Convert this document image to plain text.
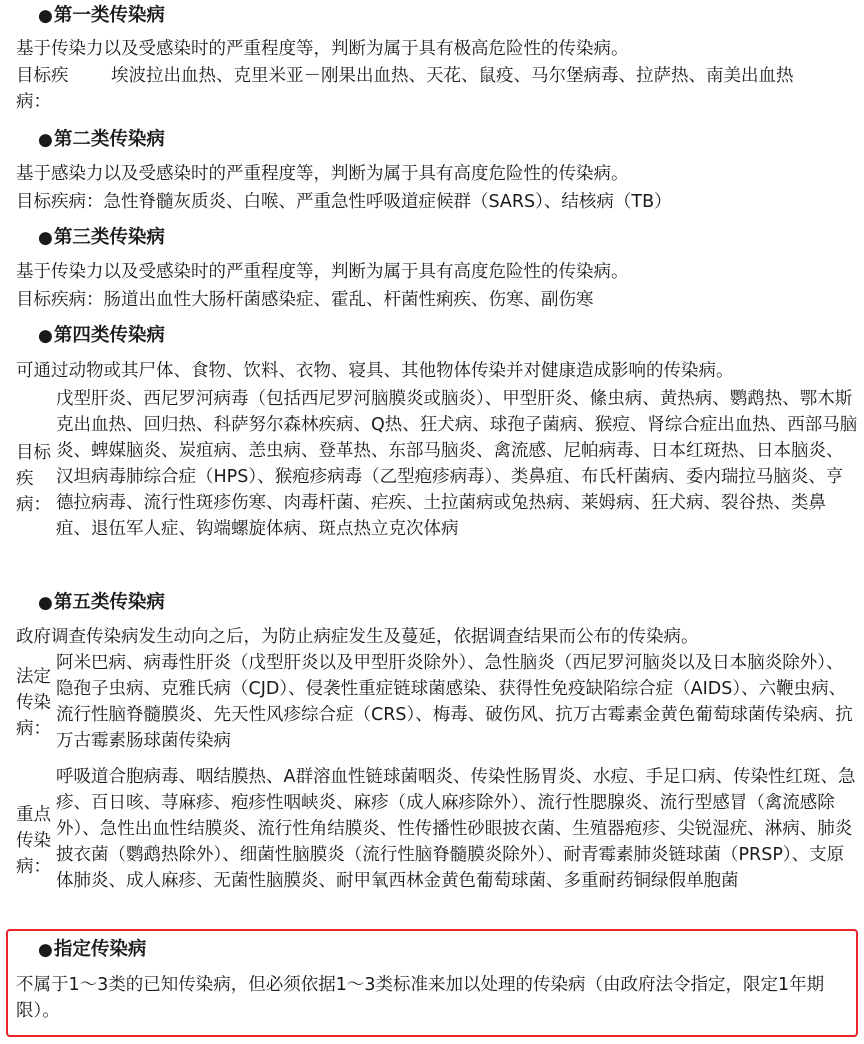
●第一类传染病
基于传染力以及受感染时的严重程度等，判断为属于具有极高危险性的传染病。
目标疾
病：
埃波拉出血热、克里米亚－刚果出血热、天花、鼠疫、马尔堡病毒、拉萨热、南美出血热
●第二类传染病
基于感染力以及受感染时的严重程度等，判断为属于具有高度危险性的传染病。
目标疾病：急性脊髓灰质炎、白喉、严重急性呼吸道症候群（SARS）、结核病（TB）
●第三类传染病
基于传染力以及受感染时的严重程度等，判断为属于具有高度危险性的传染病。
目标疾病：肠道出血性大肠杆菌感染症、霍乱、杆菌性痢疾、伤寒、副伤寒
●第四类传染病
可通过动物或其尸体、食物、饮料、衣物、寝具、其他物体传染并对健康造成影响的传染病。
目标
疾
病：
戊型肝炎、西尼罗河病毒（包括西尼罗河脑膜炎或脑炎）、甲型肝炎、絛虫病、黄热病、鹦鹉热、鄂木斯克出血热、回归热、科萨努尔森林疾病、Q热、狂犬病、球孢子菌病、猴痘、肾综合症出血热、西部马脑炎、蜱媒脑炎、炭疽病、恙虫病、登革热、东部马脑炎、禽流感、尼帕病毒、日本红斑热、日本脑炎、汉坦病毒肺综合症（HPS）、猴疱疹病毒（乙型疱疹病毒）、类鼻疽、布氏杆菌病、委内瑞拉马脑炎、亨德拉病毒、流行性斑疹伤寒、肉毒杆菌、疟疾、土拉菌病或兔热病、莱姆病、狂犬病、裂谷热、类鼻疽、退伍军人症、钩端螺旋体病、斑点热立克次体病
●第五类传染病
政府调查传染病发生动向之后，为防止病症发生及蔓延，依据调查结果而公布的传染病。
法定
传染
病：
阿米巴病、病毒性肝炎（戊型肝炎以及甲型肝炎除外）、急性脑炎（西尼罗河脑炎以及日本脑炎除外）、隐孢子虫病、克雅氏病（CJD）、侵袭性重症链球菌感染、获得性免疫缺陷综合症（AIDS）、六鞭虫病、流行性脑脊髓膜炎、先天性风疹综合症（CRS）、梅毒、破伤风、抗万古霉素金黄色葡萄球菌传染病、抗万古霉素肠球菌传染病
重点
传染
病：
呼吸道合胞病毒、咽结膜热、A群溶血性链球菌咽炎、传染性肠胃炎、水痘、手足口病、传染性红斑、急疹、百日咳、荨麻疹、疱疹性咽峡炎、麻疹（成人麻疹除外）、流行性腮腺炎、流行型感冒（禽流感除外）、急性出血性结膜炎、流行性角结膜炎、性传播性砂眼披衣菌、生殖器疱疹、尖锐湿疣、淋病、肺炎披衣菌（鹦鹉热除外）、细菌性脑膜炎（流行性脑脊髓膜炎除外）、耐青霉素肺炎链球菌（PRSP）、支原体肺炎、成人麻疹、无菌性脑膜炎、耐甲氧西林金黄色葡萄球菌、多重耐药铜绿假单胞菌
●指定传染病
不属于1～3类的已知传染病，但必须依据1～3类标准来加以处理的传染病（由政府法令指定，限定1年期限）。
